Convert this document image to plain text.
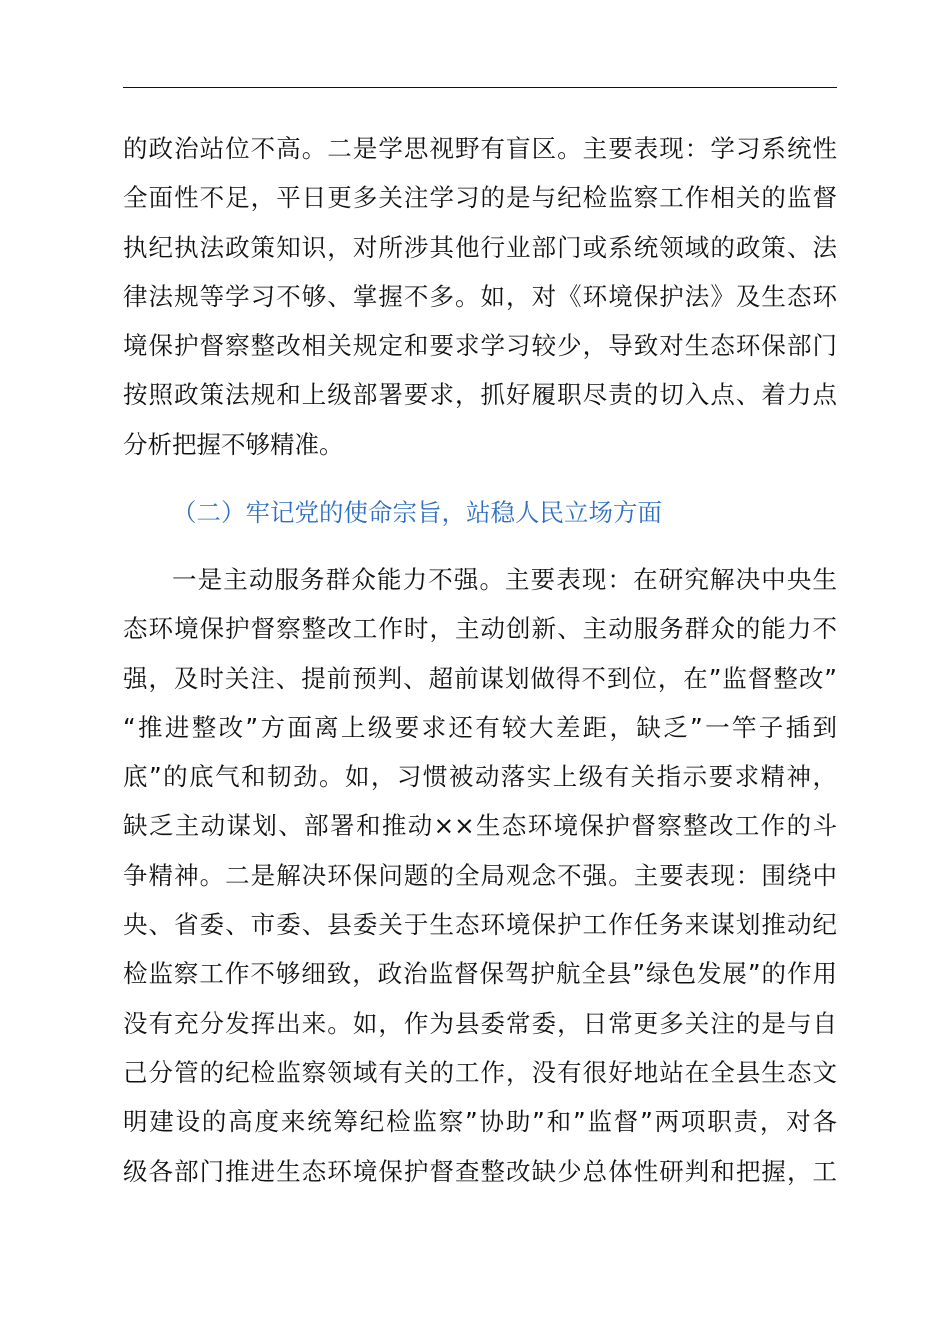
的政治站位不高。二是学思视野有盲区。主要表现：学习系统性
全面性不足，平日更多关注学习的是与纪检监察工作相关的监督
执纪执法政策知识，对所涉其他行业部门或系统领域的政策、法
律法规等学习不够、掌握不多。如，对《环境保护法》及生态环
境保护督察整改相关规定和要求学习较少，导致对生态环保部门
按照政策法规和上级部署要求，抓好履职尽责的切入点、着力点
分析把握不够精准。
（二）牢记党的使命宗旨，站稳人民立场方面
一是主动服务群众能力不强。主要表现：在研究解决中央生
态环境保护督察整改工作时，主动创新、主动服务群众的能力不
强，及时关注、提前预判、超前谋划做得不到位，在”监督整改”
“推进整改”方面离上级要求还有较大差距，缺乏”一竿子插到
底”的底气和韧劲。如，习惯被动落实上级有关指示要求精神，
缺乏主动谋划、部署和推动××生态环境保护督察整改工作的斗
争精神。二是解决环保问题的全局观念不强。主要表现：围绕中
央、省委、市委、县委关于生态环境保护工作任务来谋划推动纪
检监察工作不够细致，政治监督保驾护航全县”绿色发展”的作用
没有充分发挥出来。如，作为县委常委，日常更多关注的是与自
己分管的纪检监察领域有关的工作，没有很好地站在全县生态文
明建设的高度来统筹纪检监察”协助”和”监督”两项职责，对各
级各部门推进生态环境保护督查整改缺少总体性研判和把握，工
